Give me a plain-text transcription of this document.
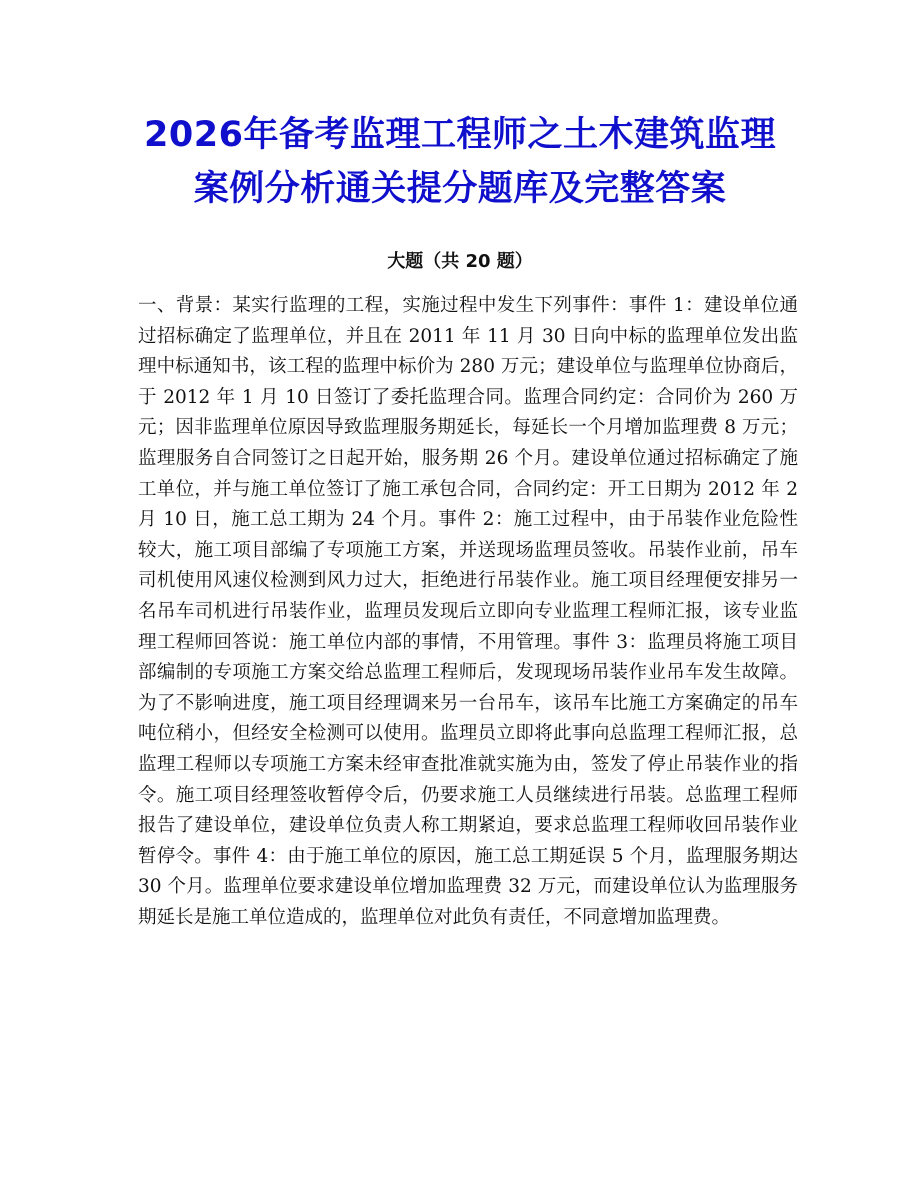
2026年备考监理工程师之土木建筑监理
案例分析通关提分题库及完整答案
大题（共 20 题）
一、背景：某实行监理的工程，实施过程中发生下列事件：事件 1：建设单位通过招标确定了监理单位，并且在 2011 年 11 月 30 日向中标的监理单位发出监理中标通知书，该工程的监理中标价为 280 万元；建设单位与监理单位协商后，于 2012 年 1 月 10 日签订了委托监理合同。监理合同约定：合同价为 260 万元；因非监理单位原因导致监理服务期延长，每延长一个月增加监理费 8 万元；监理服务自合同签订之日起开始，服务期 26 个月。建设单位通过招标确定了施工单位，并与施工单位签订了施工承包合同，合同约定：开工日期为 2012 年 2 月 10 日，施工总工期为 24 个月。事件 2：施工过程中，由于吊装作业危险性较大，施工项目部编了专项施工方案，并送现场监理员签收。吊装作业前，吊车司机使用风速仪检测到风力过大，拒绝进行吊装作业。施工项目经理便安排另一名吊车司机进行吊装作业，监理员发现后立即向专业监理工程师汇报，该专业监理工程师回答说：施工单位内部的事情，不用管理。事件 3：监理员将施工项目部编制的专项施工方案交给总监理工程师后，发现现场吊装作业吊车发生故障。为了不影响进度，施工项目经理调来另一台吊车，该吊车比施工方案确定的吊车吨位稍小，但经安全检测可以使用。监理员立即将此事向总监理工程师汇报，总监理工程师以专项施工方案未经审查批准就实施为由，签发了停止吊装作业的指令。施工项目经理签收暂停令后，仍要求施工人员继续进行吊装。总监理工程师报告了建设单位，建设单位负责人称工期紧迫，要求总监理工程师收回吊装作业暂停令。事件 4：由于施工单位的原因，施工总工期延误 5 个月，监理服务期达 30 个月。监理单位要求建设单位增加监理费 32 万元，而建设单位认为监理服务期延长是施工单位造成的，监理单位对此负有责任，不同意增加监理费。
